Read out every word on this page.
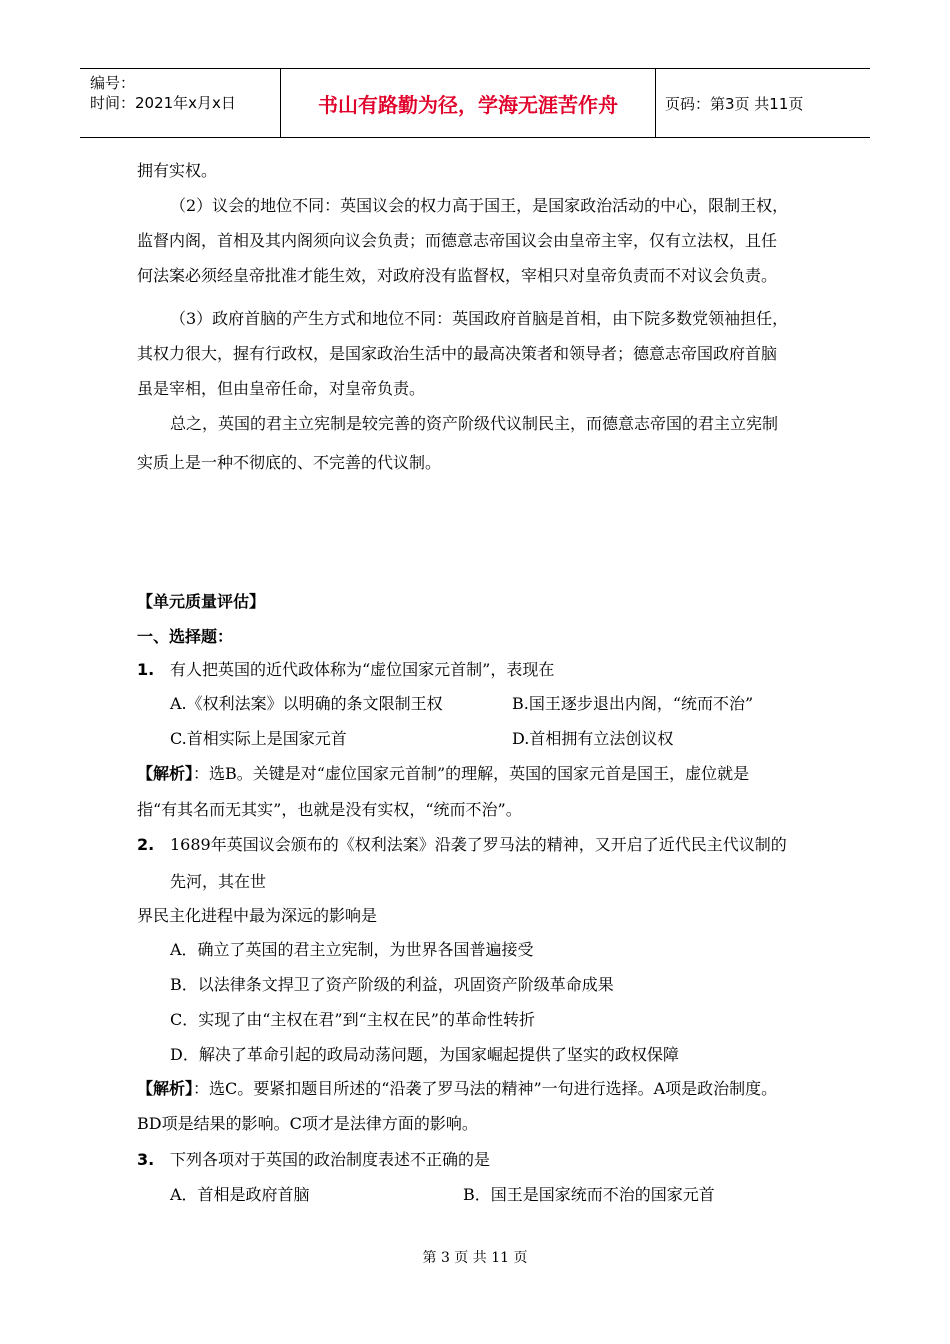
编号：
时间：2021年x月x日	书山有路勤为径，学海无涯苦作舟	页码：第3页 共11页
拥有实权。
（2）议会的地位不同：英国议会的权力高于国王，是国家政治活动的中心，限制王权，
监督内阁，首相及其内阁须向议会负责；而德意志帝国议会由皇帝主宰，仅有立法权，且任
何法案必须经皇帝批准才能生效，对政府没有监督权，宰相只对皇帝负责而不对议会负责。
（3）政府首脑的产生方式和地位不同：英国政府首脑是首相，由下院多数党领袖担任，
其权力很大，握有行政权，是国家政治生活中的最高决策者和领导者；德意志帝国政府首脑
虽是宰相，但由皇帝任命，对皇帝负责。
总之，英国的君主立宪制是较完善的资产阶级代议制民主，而德意志帝国的君主立宪制
实质上是一种不彻底的、不完善的代议制。
【单元质量评估】
一、选择题：
1. 有人把英国的近代政体称为“虚位国家元首制”，表现在
A.《权利法案》以明确的条文限制王权	B.国王逐步退出内阁，“统而不治”
C.首相实际上是国家元首	D.首相拥有立法创议权
【解析】：选B。关键是对“虚位国家元首制”的理解，英国的国家元首是国王，虚位就是
指“有其名而无其实”，也就是没有实权，“统而不治”。
2. 1689年英国议会颁布的《权利法案》沿袭了罗马法的精神，又开启了近代民主代议制的
先河，其在世
界民主化进程中最为深远的影响是
A．确立了英国的君主立宪制，为世界各国普遍接受
B．以法律条文捍卫了资产阶级的利益，巩固资产阶级革命成果
C．实现了由“主权在君”到“主权在民”的革命性转折
D．解决了革命引起的政局动荡问题，为国家崛起提供了坚实的政权保障
【解析】：选C。要紧扣题目所述的“沿袭了罗马法的精神”一句进行选择。A项是政治制度。
BD项是结果的影响。C项才是法律方面的影响。
3. 下列各项对于英国的政治制度表述不正确的是
A．首相是政府首脑	B．国王是国家统而不治的国家元首
第 3 页 共 11 页
